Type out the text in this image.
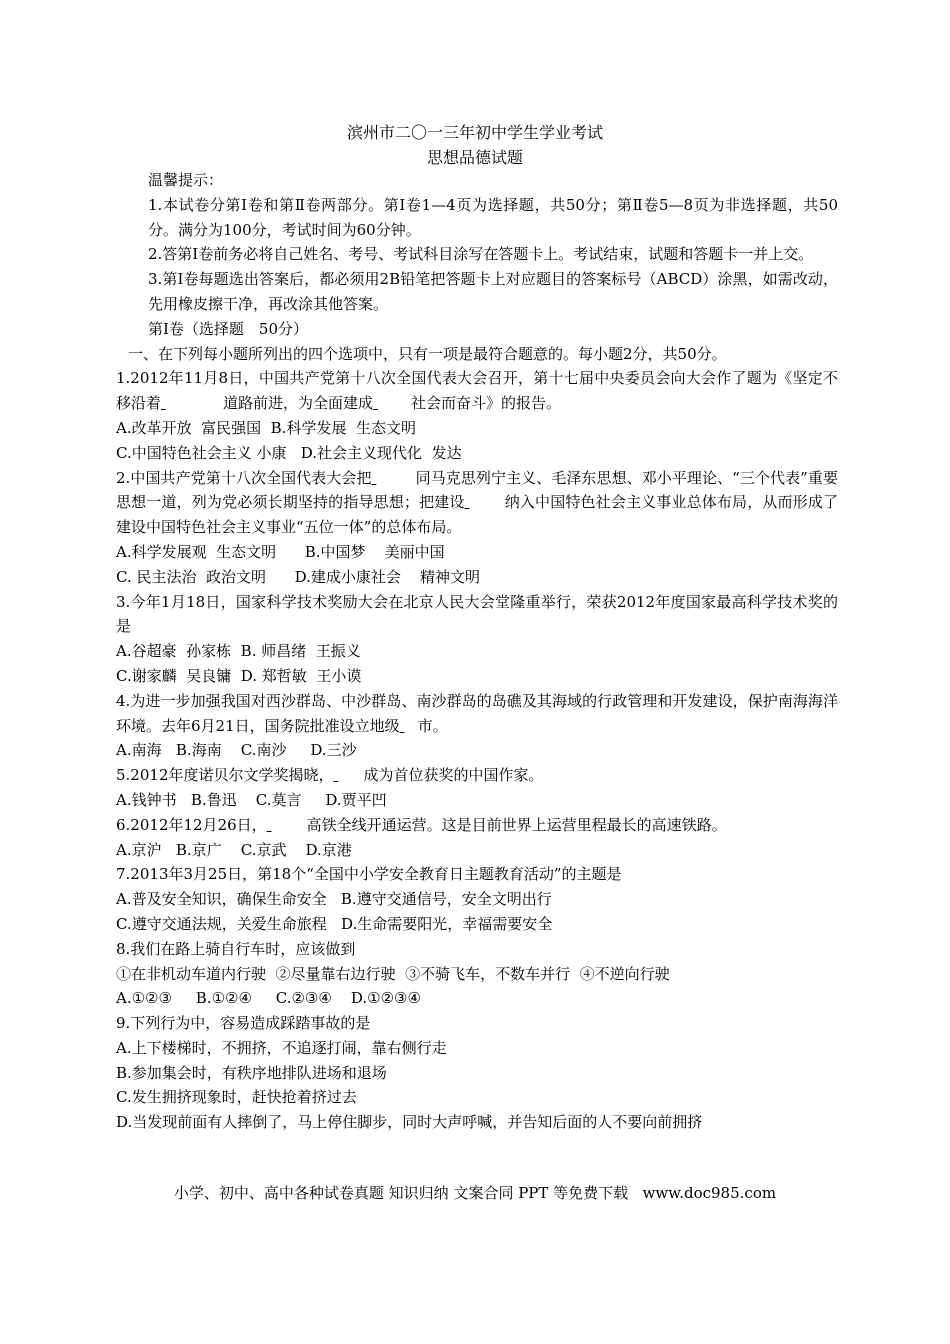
滨州市二〇一三年初中学生学业考试
思想品德试题
温馨提示：
1.本试卷分第Ⅰ卷和第Ⅱ卷两部分。第Ⅰ卷1—4页为选择题，共50分；第Ⅱ卷5—8页为非选择题，共50分。满分为100分，考试时间为60分钟。
2.答第Ⅰ卷前务必将自己姓名、考号、考试科目涂写在答题卡上。考试结束，试题和答题卡一并上交。
3.第Ⅰ卷每题选出答案后，都必须用2B铅笔把答题卡上对应题目的答案标号（ABCD）涂黑，如需改动，先用橡皮擦干净，再改涂其他答案。
第Ⅰ卷（选择题　50分）
一、在下列每小题所列出的四个选项中，只有一项是最符合题意的。每小题2分，共50分。
1.2012年11月8日，中国共产党第十八次全国代表大会召开，第十七届中央委员会向大会作了题为《坚定不移沿着	道路前进，为全面建成	社会而奋斗》的报告。
A.改革开放  富民强国  B.科学发展  生态文明
C.中国特色社会主义 小康   D.社会主义现代化  发达
2.中国共产党第十八次全国代表大会把	同马克思列宁主义、毛泽东思想、邓小平理论、“三个代表”重要思想一道，列为党必须长期坚持的指导思想；把建设	纳入中国特色社会主义事业总体布局，从而形成了建设中国特色社会主义事业“五位一体”的总体布局。
A.科学发展观  生态文明      B.中国梦    美丽中国
C. 民主法治  政治文明      D.建成小康社会    精神文明
3.今年1月18日，国家科学技术奖励大会在北京人民大会堂隆重举行，荣获2012年度国家最高科学技术奖的是
A.谷超豪  孙家栋  B. 师昌绪  王振义
C.谢家麟  吴良镛  D. 郑哲敏  王小谟
4.为进一步加强我国对西沙群岛、中沙群岛、南沙群岛的岛礁及其海域的行政管理和开发建设，保护南海海洋环境。去年6月21日，国务院批准设立地级 市。
A.南海   B.海南    C.南沙     D.三沙
5.2012年度诺贝尔文学奖揭晓， 成为首位获奖的中国作家。
A.钱钟书   B.鲁迅    C.莫言     D.贾平凹
6.2012年12月26日，	高铁全线开通运营。这是目前世界上运营里程最长的高速铁路。
A.京沪   B.京广    C.京武    D.京港
7.2013年3月25日，第18个“全国中小学安全教育日主题教育活动”的主题是
A.普及安全知识，确保生命安全   B.遵守交通信号，安全文明出行
C.遵守交通法规，关爱生命旅程   D.生命需要阳光，幸福需要安全
8.我们在路上骑自行车时，应该做到
①在非机动车道内行驶  ②尽量靠右边行驶  ③不骑飞车，不数车并行  ④不逆向行驶
A.①②③     B.①②④     C.②③④    D.①②③④
9.下列行为中，容易造成踩踏事故的是
A.上下楼梯时，不拥挤，不追逐打闹，靠右侧行走
B.参加集会时，有秩序地排队进场和退场
C.发生拥挤现象时，赶快抢着挤过去
D.当发现前面有人摔倒了，马上停住脚步，同时大声呼喊，并告知后面的人不要向前拥挤
小学、初中、高中各种试卷真题 知识归纳 文案合同 PPT 等免费下载   www.doc985.com
